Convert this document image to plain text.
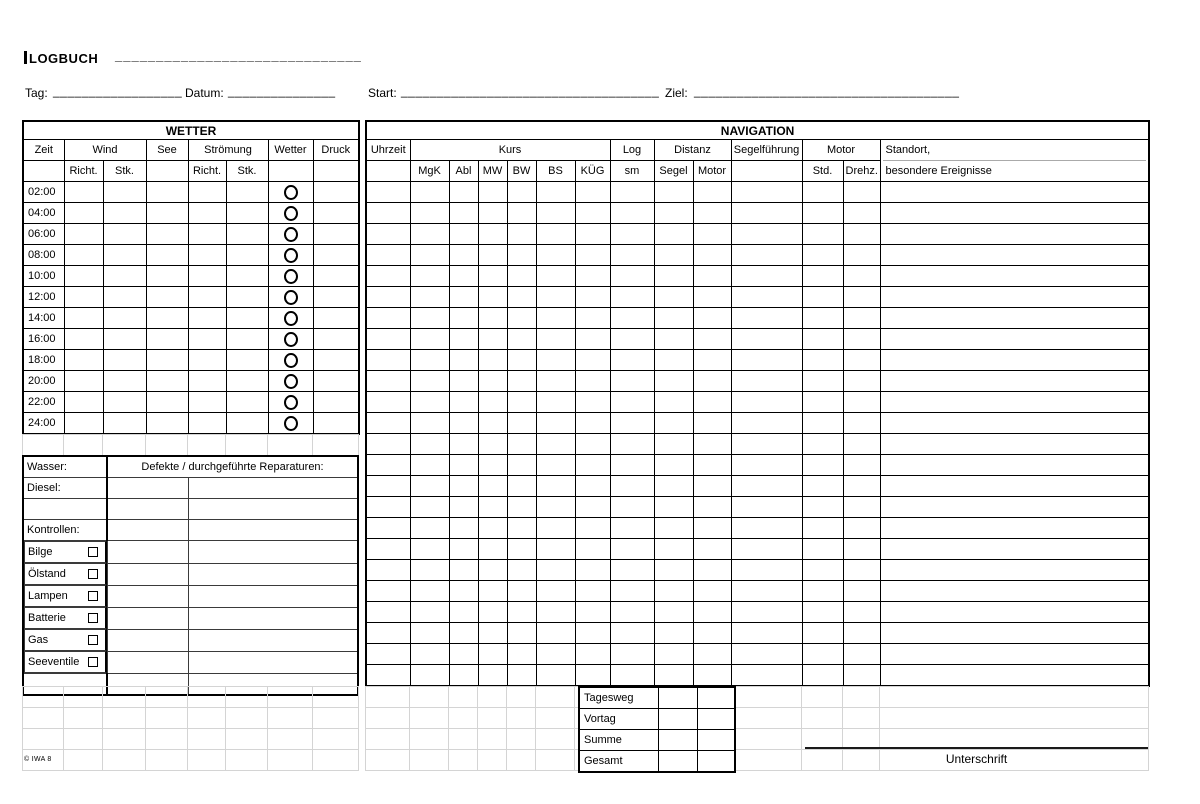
LOGBUCH ______________________________
Tag: __________________ Datum: _______________	Start: ____________________________________ Ziel: _____________________________________
WETTER							
Zeit	Wind		See	Strömung		Wetter	Druck
	Richt.	Stk.		Richt.	Stk.		
02:00							
04:00							
06:00							
08:00							
10:00							
12:00							
14:00							
16:00							
18:00							
20:00							
22:00							
24:00							
NAVIGATION													
Uhrzeit	Kurs						Log	Distanz		Segelführung	Motor		Standort,
besondere Ereignisse

	MgK	Abl	MW	BW	BS	KÜG	sm	Segel	Motor		Std.	Drehz.	

Wasser:	Defekte / durchgeführte Reparaturen:	
Diesel:		

Kontrollen:		

Bilge

Ölstand

Lampen

Batterie

Gas

Seeventile

Tagesweg		
Vortag		
Summe		
Gesamt			Unterschrift
© IWA 8
